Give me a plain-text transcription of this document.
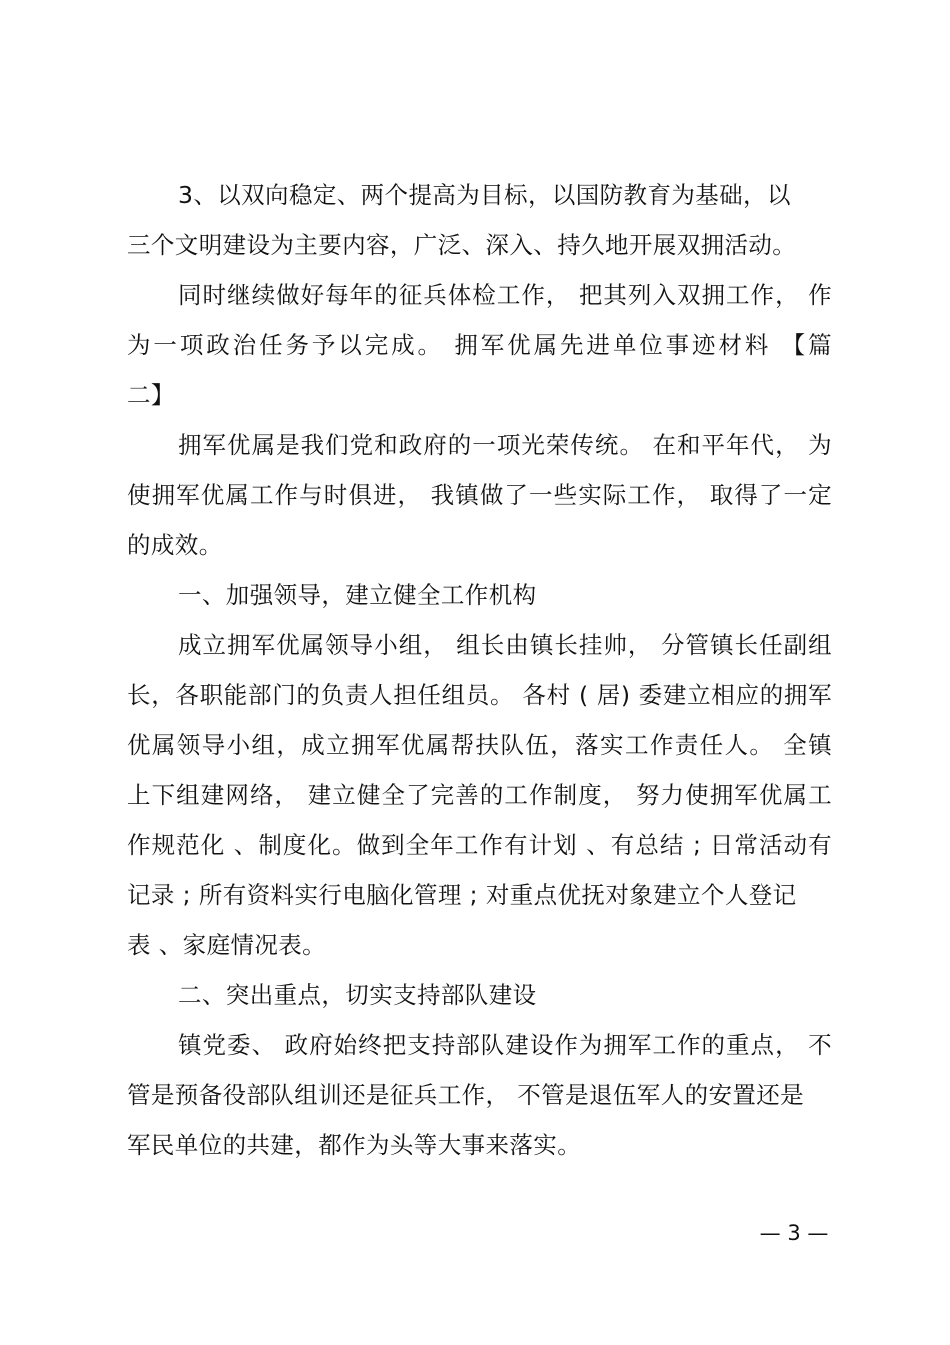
3、以双向稳定、两个提高为目标，以国防教育为基础，以
三个文明建设为主要内容，广泛、深入、持久地开展双拥活动。
同时继续做好每年的征兵体检工作， 把其列入双拥工作， 作
为一项政治任务予以完成。 拥军优属先进单位事迹材料 【篇
二】
拥军优属是我们党和政府的一项光荣传统。 在和平年代， 为
使拥军优属工作与时俱进， 我镇做了一些实际工作， 取得了一定
的成效。
一、加强领导，建立健全工作机构
成立拥军优属领导小组， 组长由镇长挂帅， 分管镇长任副组
长，各职能部门的负责人担任组员。 各村 ( 居) 委建立相应的拥军
优属领导小组，成立拥军优属帮扶队伍，落实工作责任人。 全镇
上下组建网络， 建立健全了完善的工作制度， 努力使拥军优属工
作规范化 、制度化。做到全年工作有计划 、有总结 ; 日常活动有
记录 ; 所有资料实行电脑化管理 ; 对重点优抚对象建立个人登记
表 、家庭情况表。
二、突出重点，切实支持部队建设
镇党委、 政府始终把支持部队建设作为拥军工作的重点， 不
管是预备役部队组训还是征兵工作， 不管是退伍军人的安置还是
军民单位的共建，都作为头等大事来落实。
— 3 —
